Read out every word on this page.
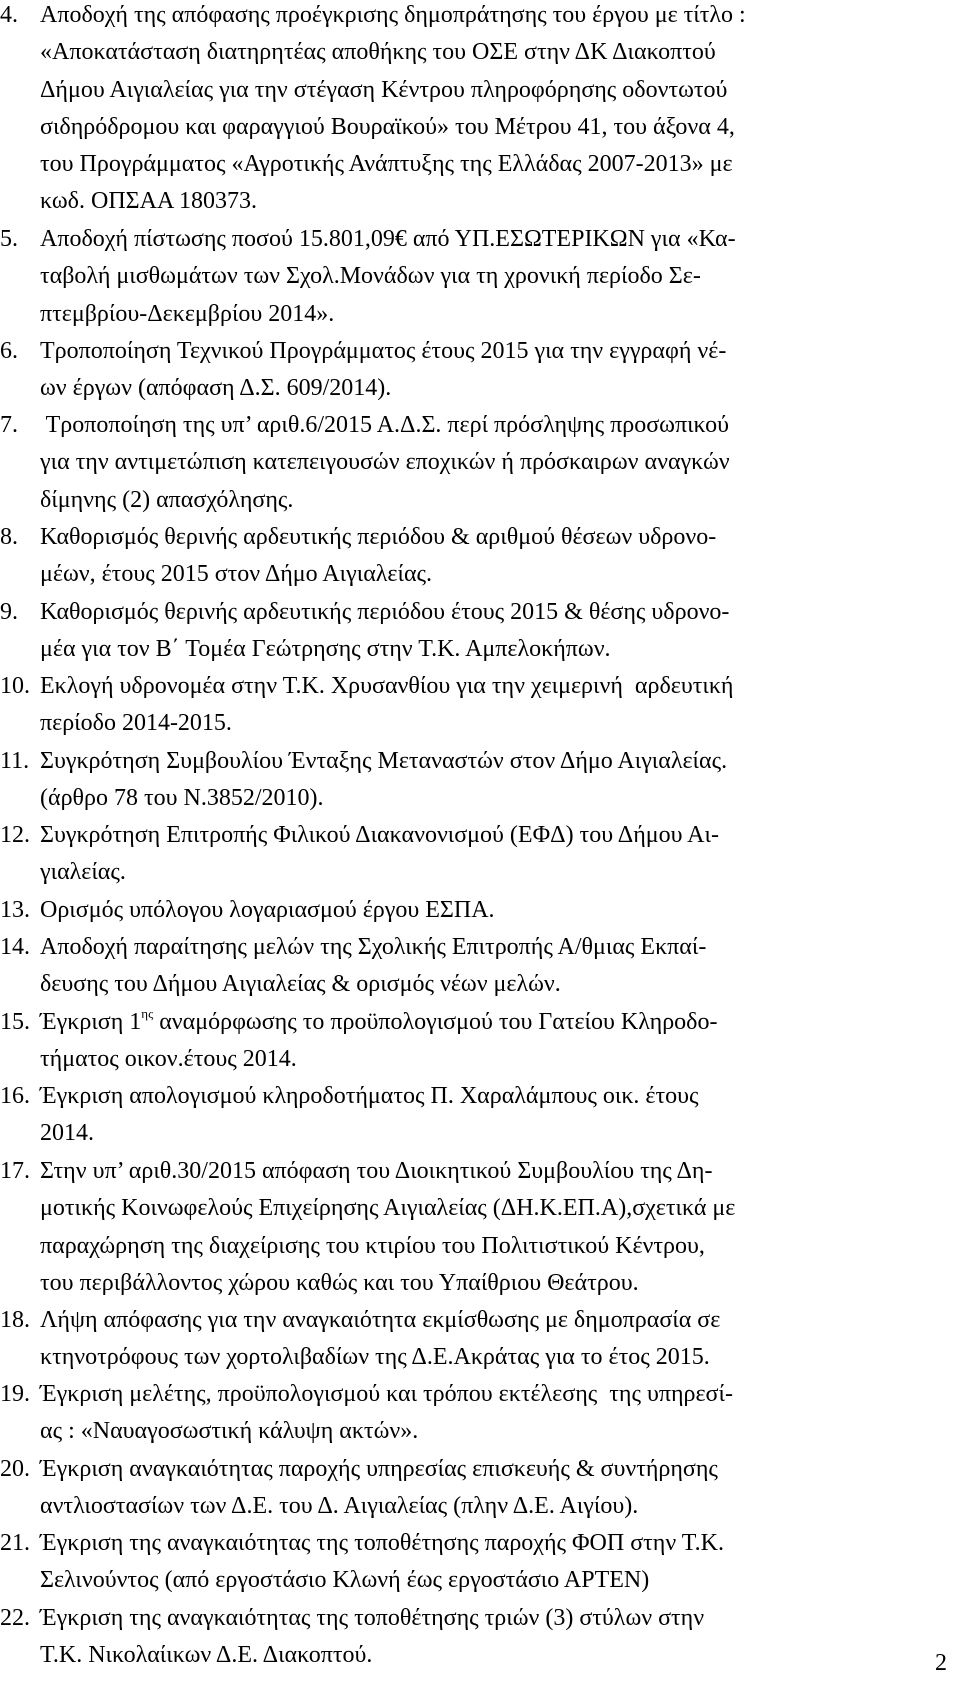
4. Αποδοχή της απόφασης προέγκρισης δημοπράτησης του έργου με τίτλο :
«Αποκατάσταση διατηρητέας αποθήκης του ΟΣΕ στην ΔΚ Διακοπτού
Δήμου Αιγιαλείας για την στέγαση Κέντρου πληροφόρησης οδοντωτού
σιδηρόδρομου και φαραγγιού Βουραϊκού» του Μέτρου 41, του άξονα 4,
του Προγράμματος «Αγροτικής Ανάπτυξης της Ελλάδας 2007-2013» με
κωδ. ΟΠΣΑΑ 180373.
5. Αποδοχή πίστωσης ποσού 15.801,09€ από ΥΠ.ΕΣΩΤΕΡΙΚΩΝ για «Κα-
ταβολή μισθωμάτων των Σχολ.Μονάδων για τη χρονική περίοδο Σε-
πτεμβρίου-Δεκεμβρίου 2014».
6. Τροποποίηση Τεχνικού Προγράμματος έτους 2015 για την εγγραφή νέ-
ων έργων (απόφαση Δ.Σ. 609/2014).
7. Τροποποίηση της υπ’ αριθ.6/2015 Α.Δ.Σ. περί πρόσληψης προσωπικού
για την αντιμετώπιση κατεπειγουσών εποχικών ή πρόσκαιρων αναγκών
δίμηνης (2) απασχόλησης.
8. Καθορισμός θερινής αρδευτικής περιόδου & αριθμού θέσεων υδρονο-
μέων, έτους 2015 στον Δήμο Αιγιαλείας.
9. Καθορισμός θερινής αρδευτικής περιόδου έτους 2015 & θέσης υδρονο-
μέα για τον Β΄ Τομέα Γεώτρησης στην Τ.Κ. Αμπελοκήπων.
10. Εκλογή υδρονομέα στην Τ.Κ. Χρυσανθίου για την χειμερινή  αρδευτική
περίοδο 2014-2015.
11. Συγκρότηση Συμβουλίου Ένταξης Μεταναστών στον Δήμο Αιγιαλείας.
(άρθρο 78 του Ν.3852/2010).
12. Συγκρότηση Επιτροπής Φιλικού Διακανονισμού (ΕΦΔ) του Δήμου Αι-
γιαλείας.
13. Ορισμός υπόλογου λογαριασμού έργου ΕΣΠΑ.
14. Αποδοχή παραίτησης μελών της Σχολικής Επιτροπής Α/θμιας Εκπαί-
δευσης του Δήμου Αιγιαλείας & ορισμός νέων μελών.
15. Έγκριση $1^{\eta\varsigma}$ αναμόρφωσης το προϋπολογισμού του Γατείου Κληροδο-
τήματος οικον.έτους 2014.
16. Έγκριση απολογισμού κληροδοτήματος Π. Χαραλάμπους οικ. έτους
2014.
17. Στην υπ’ αριθ.30/2015 απόφαση του Διοικητικού Συμβουλίου της Δη-
μοτικής Κοινωφελούς Επιχείρησης Αιγιαλείας (ΔΗ.Κ.ΕΠ.Α),σχετικά με
παραχώρηση της διαχείρισης του κτιρίου του Πολιτιστικού Κέντρου,
του περιβάλλοντος χώρου καθώς και του Υπαίθριου Θεάτρου.
18. Λήψη απόφασης για την αναγκαιότητα εκμίσθωσης με δημοπρασία σε
κτηνοτρόφους των χορτολιβαδίων της Δ.Ε.Ακράτας για το έτος 2015.
19. Έγκριση μελέτης, προϋπολογισμού και τρόπου εκτέλεσης  της υπηρεσί-
ας : «Ναυαγοσωστική κάλυψη ακτών».
20. Έγκριση αναγκαιότητας παροχής υπηρεσίας επισκευής & συντήρησης
αντλιοστασίων των Δ.Ε. του Δ. Αιγιαλείας (πλην Δ.Ε. Αιγίου).
21. Έγκριση της αναγκαιότητας της τοποθέτησης παροχής ΦΟΠ στην Τ.Κ.
Σελινούντος (από εργοστάσιο Κλωνή έως εργοστάσιο ΑΡΤΕΝ)
22. Έγκριση της αναγκαιότητας της τοποθέτησης τριών (3) στύλων στην
Τ.Κ. Νικολαίικων Δ.Ε. Διακοπτού.	2
